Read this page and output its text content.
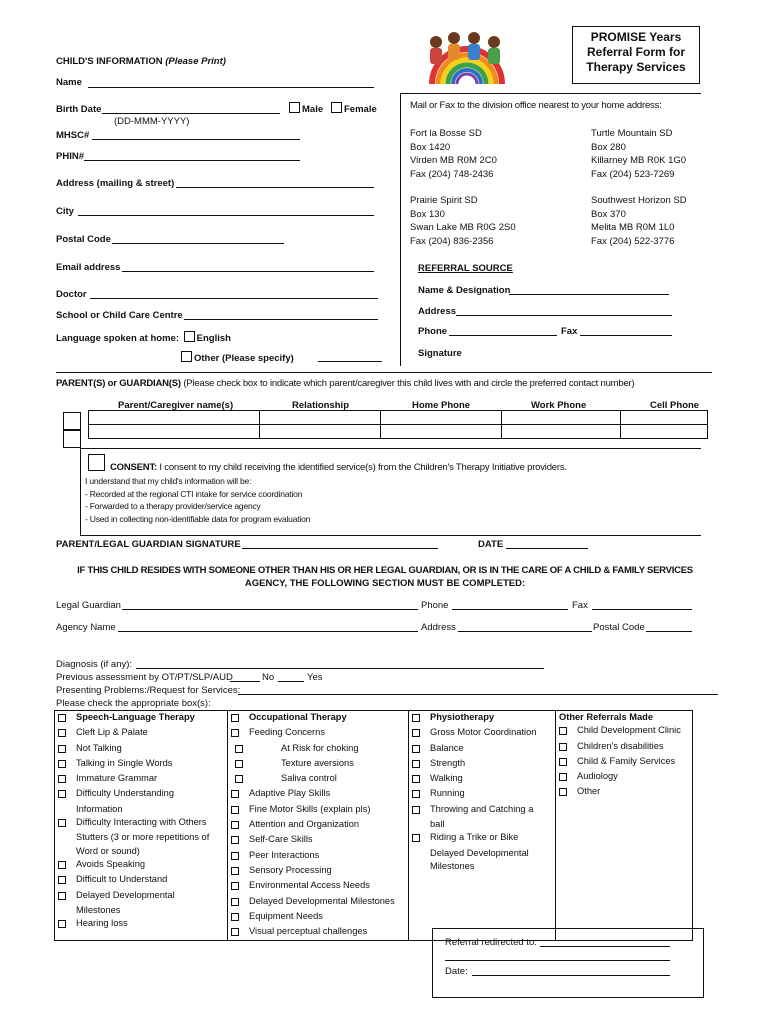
CHILD'S INFORMATION (Please Print)
PROMISE Years
Referral Form for
Therapy Services
Name
Birth Date	Male	Female
(DD-MMM-YYYY)
MHSC#
PHIN#
Address (mailing & street)
City
Postal Code
Email address
Doctor
School or Child Care Centre
Language spoken at home: English
Other (Please specify)
Mail or Fax to the division office nearest to your home address:
Fort la Bosse SD
Box 1420
Virden MB R0M 2C0
Fax (204) 748-2436
Turtle Mountain SD
Box 280
Killarney MB R0K 1G0
Fax (204) 523-7269
Prairie Spirit SD
Box 130
Swan Lake MB R0G 2S0
Fax (204) 836-2356
Southwest Horizon SD
Box 370
Melita MB R0M 1L0
Fax (204) 522-3776
REFERRAL SOURCE
Name & Designation
Address
Phone	Fax
Signature
PARENT(S) or GUARDIAN(S) (Please check box to indicate which parent/caregiver this child lives with and circle the preferred contact number)
Parent/Caregiver name(s)	Relationship	Home Phone	Work Phone	Cell Phone

CONSENT: I consent to my child receiving the identified service(s) from the Children's Therapy Initiative providers.
I understand that my child's information will be:
- Recorded at the regional CTI intake for service coordination
- Forwarded to a therapy provider/service agency
- Used in collecting non-identifiable data for program evaluation
PARENT/LEGAL GUARDIAN SIGNATURE	DATE
IF THIS CHILD RESIDES WITH SOMEONE OTHER THAN HIS OR HER LEGAL GUARDIAN, OR IS IN THE CARE OF A CHILD & FAMILY SERVICES
AGENCY, THE FOLLOWING SECTION MUST BE COMPLETED:
Legal Guardian	Phone	Fax
Agency Name	Address	Postal Code
Diagnosis (if any):
Previous assessment by OT/PT/SLP/AUD	No	Yes
Presenting Problems:/Request for Services:
Please check the appropriate box(s):
Speech-Language Therapy
Cleft Lip & Palate
Not Talking
Talking in Single Words
Immature Grammar
Difficulty Understanding
Information
Difficulty Interacting with Others
Stutters (3 or more repetitions of
Word or sound)
Avoids Speaking
Difficult to Understand
Delayed Developmental
Milestones
Hearing loss

Occupational Therapy
Feeding Concerns
At Risk for choking
Texture aversions
Saliva control
Adaptive Play Skills
Fine Motor Skills (explain pls)
Attention and Organization
Self-Care Skills
Peer Interactions
Sensory Processing
Environmental Access Needs
Delayed Developmental Milestones
Equipment Needs
Visual perceptual challenges

Physiotherapy
Gross Motor Coordination
Balance
Strength
Walking
Running
Throwing and Catching a
ball
Riding a Trike or Bike
Delayed Developmental
Milestones

Other Referrals Made
Child Development Clinic
Children's disabilities
Child & Family Services
Audiology
Other
Referral redirected to:
Date:
